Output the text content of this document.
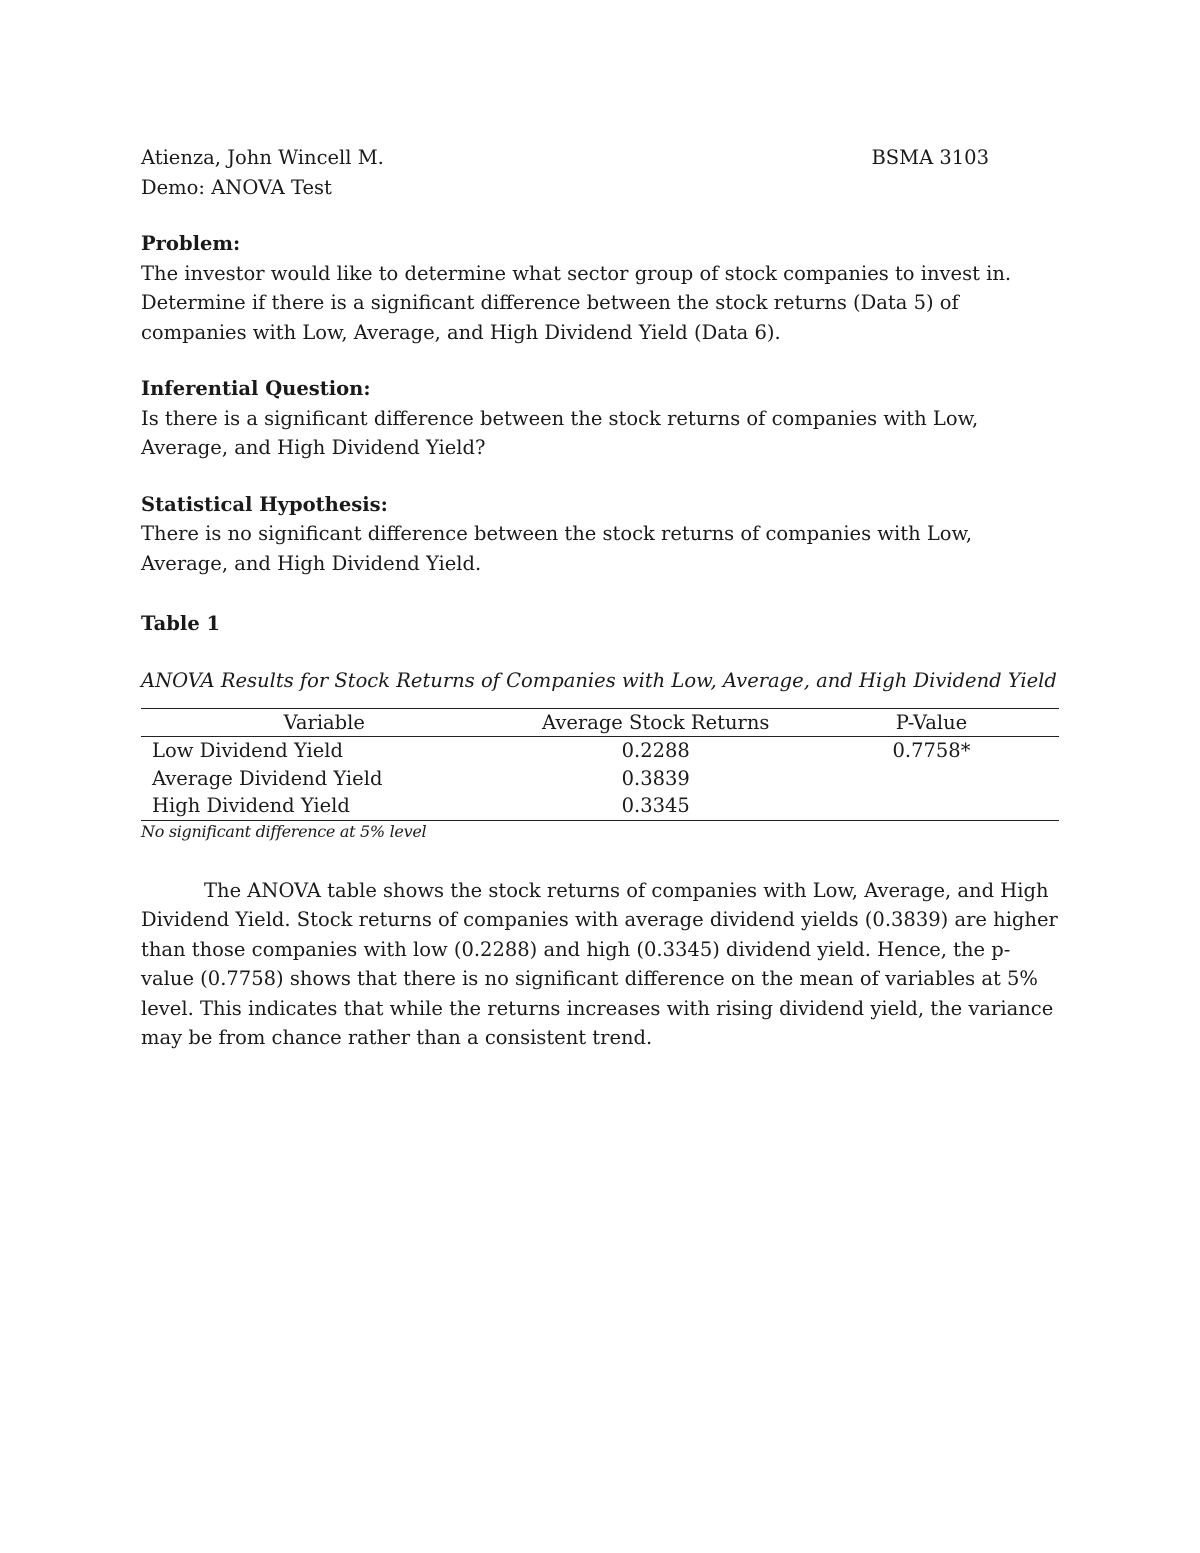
Atienza, John Wincell M.	BSMA 3103
Demo: ANOVA Test
Problem:
The investor would like to determine what sector group of stock companies to invest in. Determine if there is a significant difference between the stock returns (Data 5) of companies with Low, Average, and High Dividend Yield (Data 6).
Inferential Question:
Is there is a significant difference between the stock returns of companies with Low, Average, and High Dividend Yield?
Statistical Hypothesis:
There is no significant difference between the stock returns of companies with Low, Average, and High Dividend Yield.
Table 1
ANOVA Results for Stock Returns of Companies with Low, Average, and High Dividend Yield
Variable	Average Stock Returns	P-Value
Low Dividend Yield	0.2288	0.7758*
Average Dividend Yield	0.3839	
High Dividend Yield	0.3345	
No significant difference at 5% level
The ANOVA table shows the stock returns of companies with Low, Average, and High Dividend Yield. Stock returns of companies with average dividend yields (0.3839) are higher than those companies with low (0.2288) and high (0.3345) dividend yield. Hence, the p-value (0.7758) shows that there is no significant difference on the mean of variables at 5% level. This indicates that while the returns increases with rising dividend yield, the variance may be from chance rather than a consistent trend.
